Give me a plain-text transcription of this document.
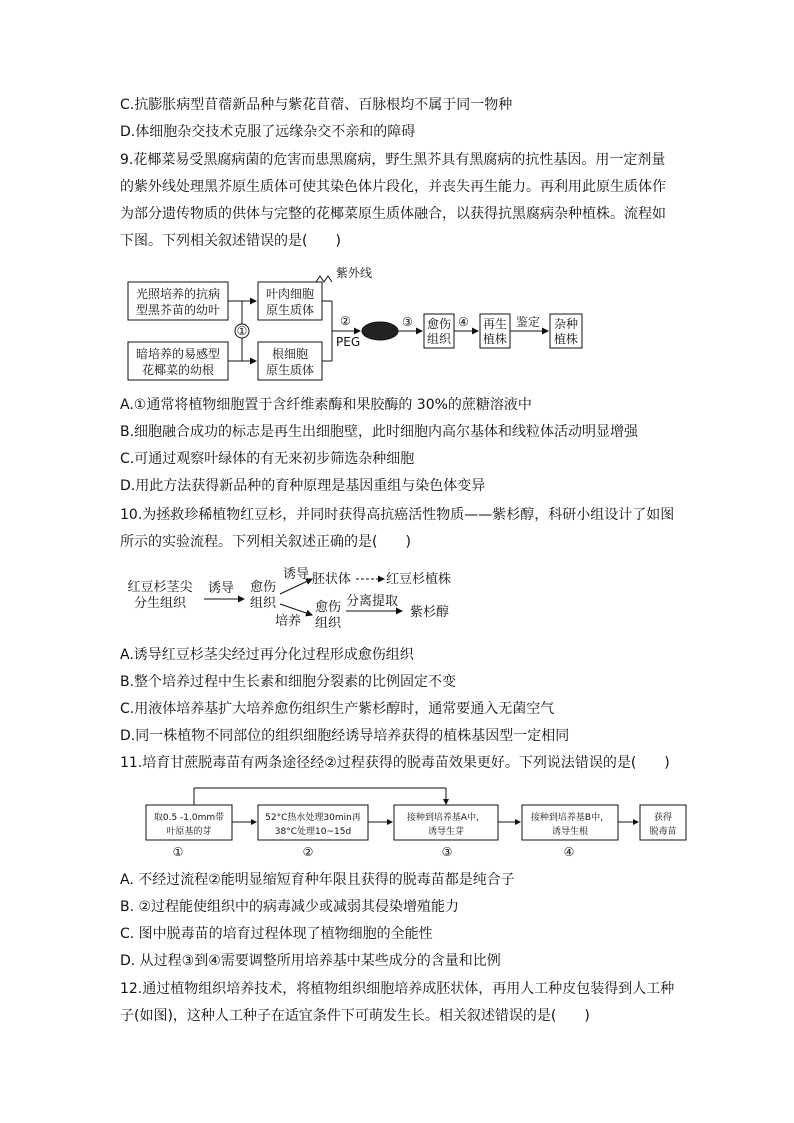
C.抗膨胀病型苜蓿新品种与紫花苜蓿、百脉根均不属于同一物种
D.体细胞杂交技术克服了远缘杂交不亲和的障碍
9.花椰菜易受黑腐病菌的危害而患黑腐病，野生黑芥具有黑腐病的抗性基因。用一定剂量
的紫外线处理黑芥原生质体可使其染色体片段化，并丧失再生能力。再利用此原生质体作
为部分遗传物质的供体与完整的花椰菜原生质体融合，以获得抗黑腐病杂种植株。流程如
下图。下列相关叙述错误的是(　　)
光照培养的抗病
型黑芥苗的幼叶
暗培养的易感型
花椰菜的幼根
①
叶肉细胞
原生质体
根细胞
原生质体
紫外线
②
PEG
③ 愈伤
组织
④ 再生
植株
鉴定 杂种
植株
A.①通常将植物细胞置于含纤维素酶和果胶酶的 30%的蔗糖溶液中
B.细胞融合成功的标志是再生出细胞壁，此时细胞内高尔基体和线粒体活动明显增强
C.可通过观察叶绿体的有无来初步筛选杂种细胞
D.用此方法获得新品种的育种原理是基因重组与染色体变异
10.为拯救珍稀植物红豆杉，并同时获得高抗癌活性物质——紫杉醇，科研小组设计了如图
所示的实验流程。下列相关叙述正确的是(　　)
红豆杉茎尖
分生组织
诱导 愈伤
组织
诱导 胚状体	红豆杉植株
培养
愈伤
组织
分离提取
紫杉醇
A.诱导红豆杉茎尖经过再分化过程形成愈伤组织
B.整个培养过程中生长素和细胞分裂素的比例固定不变
C.用液体培养基扩大培养愈伤组织生产紫杉醇时，通常要通入无菌空气
D.同一株植物不同部位的组织细胞经诱导培养获得的植株基因型一定相同
11.培育甘蔗脱毒苗有两条途径经②过程获得的脱毒苗效果更好。下列说法错误的是(　　)
取0.5 -1.0mm带
叶原基的芽
52°C热水处理30min再
38°C处理10~15d
接种到培养基A中，
诱导生芽
接种到培养基B中，
诱导生根
获得
脱毒苗
①	②	③	④
A. 不经过流程②能明显缩短育种年限且获得的脱毒苗都是纯合子
B. ②过程能使组织中的病毒减少或减弱其侵染增殖能力
C. 图中脱毒苗的培育过程体现了植物细胞的全能性
D. 从过程③到④需要调整所用培养基中某些成分的含量和比例
12.通过植物组织培养技术，将植物组织细胞培养成胚状体，再用人工种皮包装得到人工种
子(如图)，这种人工种子在适宜条件下可萌发生长。相关叙述错误的是(　　)
